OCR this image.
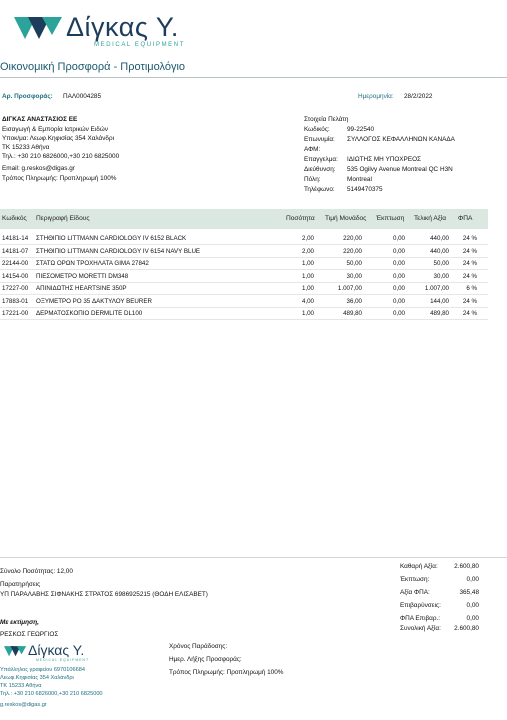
Δίγκας Υ.
MEDICAL EQUIPMENT
Οικονομική Προσφορά - Προτιμολόγιο
Αρ. Προσφοράς: ΠΑΛ0004285	Ημερομηνία: 28/2/2022
ΔΙΓΚΑΣ ΑΝΑΣΤΑΣΙΟΣ ΕΕ
Εισαγωγή & Εμπορία Ιατρικών Ειδών
Υποκ/μα: Λεωφ.Κηφισίας 354 Χαλάνδρι
ΤΚ 15233 Αθήνα
Τηλ.: +30 210 6826000,+30 210 6825000
Email: g.reskos@digas.gr
Τρόπος Πληρωμής: Προπληρωμή 100%
Στοιχεία Πελάτη
Κωδικός:	99-22540
Επωνυμία: ΣΥΛΛΟΓΟΣ ΚΕΦΑΛΛΗΝΩΝ ΚΑΝΑΔΑ
ΑΦΜ:
Επαγγελμα: ΙΔΙΩΤΗΣ ΜΗ ΥΠΟΧΡΕΟΣ
Διεύθυνση: 535 Ogilvy Avenue Montreal QC H3N
Πόλη:	Montreal
Τηλέφωνο: 5149470375
Κωδικός Περιγραφή Είδους	Ποσότητα Τιμή Μονάδος Έκπτωση Τελική Αξία ΦΠΑ
14181-14 ΣΤΗΘΙΠΙΟ LITTMANN CARDIOLOGY IV 6152 BLACK	2,00	220,00	0,00	440,00	24 %
14181-07 ΣΤΗΘΙΠΙΟ LITTMANN CARDIOLOGY IV 6154 NAVY BLUE	2,00	220,00	0,00	440,00	24 %
22144-00 ΣΤΑΤΩ ΟΡΩΝ ΤΡΟΧΗΛΑΤΑ GIMA 27842	1,00	50,00	0,00	50,00	24 %
14154-00 ΠΙΕΣΟΜΕΤΡΟ MORETTI DM348	1,00	30,00	0,00	30,00	24 %
17227-00 ΑΠΙΝΙΔΩΤΗΣ HEARTSINE 350P	1,00	1.007,00	0,00	1.007,00	6 %
17883-01 ΟΞΥΜΕΤΡΟ PO 35 ΔΑΚΤΥΛΟΥ BEURER	4,00	36,00	0,00	144,00	24 %
17221-00 ΔΕΡΜΑΤΟΣΚΟΠΙΟ DERMLITE DL100	1,00	489,80	0,00	489,80	24 %
Σύνολο Ποσότητας: 12,00
Παρατηρήσεις
ΥΠ ΠΑΡΑΛΑΒΗΣ ΣΙΦΝΑΚΗΣ ΣΤΡΑΤΟΣ 6986925215 (ΘΟΔΗ ΕΛΙΣΑΒΕΤ)
Με εκτίμηση,
ΡΕΣΚΟΣ ΓΕΩΡΓΙΟΣ
Δίγκας Υ.
MEDICAL EQUIPMENT
Υπάλληλος γραφείου 6970106684
Λεωφ.Κηφισίας 354 Χαλάνδρι
ΤΚ 15233 Αθήνα
Τηλ.: +30 210 6826000,+30 210 6825000
g.reskos@digas.gr
Χρόνος Παράδοσης:
Ημερ. Λήξης Προσφοράς:
Τρόπος Πληρωμής: Προπληρωμή 100%
Καθαρή Αξία:	2.600,80
Έκπτωση:	0,00
Αξία ΦΠΑ:	365,48
Επιβαρύνσεις:	0,00
ΦΠΑ Επιβαρ.:	0,00
Συνολική Αξία: 2.600,80
